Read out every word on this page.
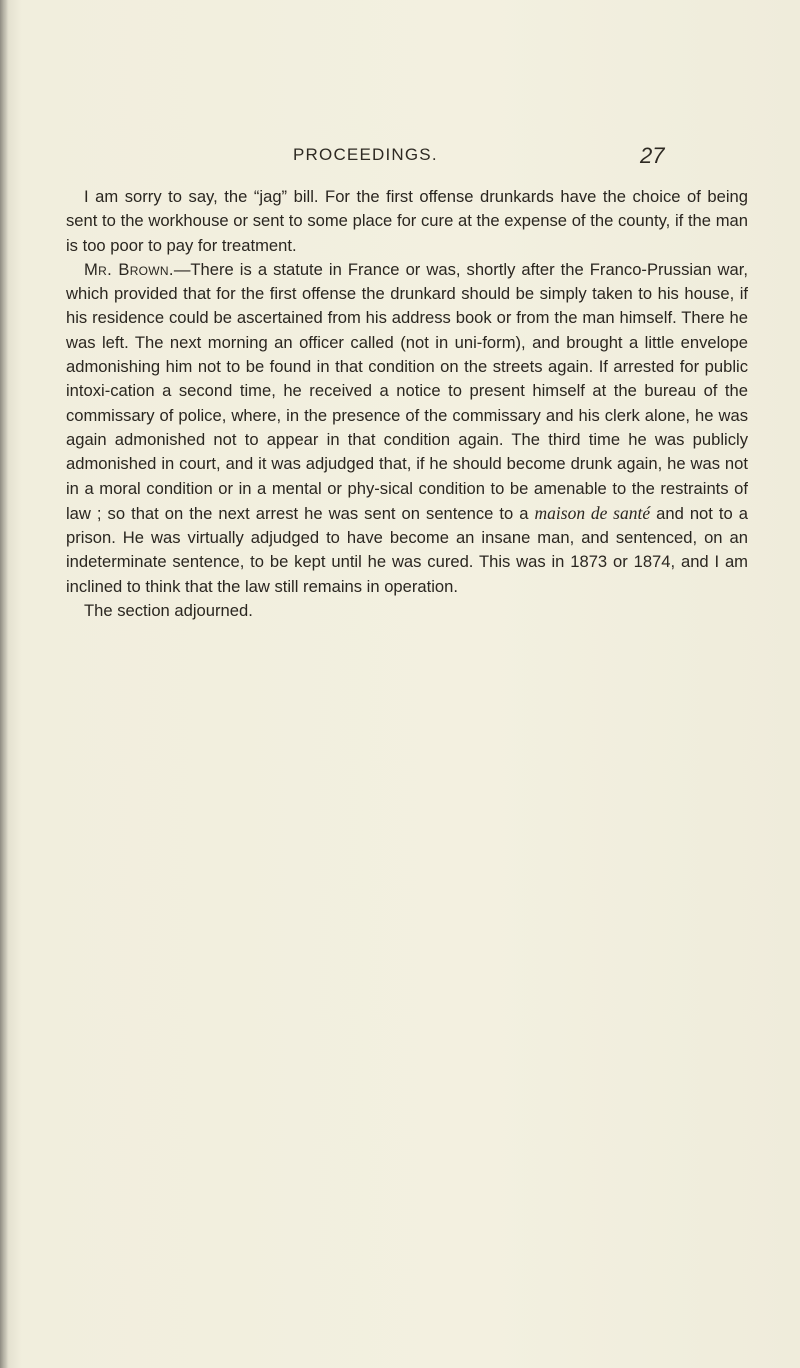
PROCEEDINGS.	27

I am sorry to say, the “jag” bill. For the first offense drunkards have the choice of being sent to the workhouse or sent to some place for cure at the expense of the county, if the man is too poor to pay for treatment.

Mr. Brown.—There is a statute in France or was, shortly after the Franco-Prussian war, which provided that for the first offense the drunkard should be simply taken to his house, if his residence could be ascertained from his address book or from the man himself. There he was left. The next morning an officer called (not in uni-form), and brought a little envelope admonishing him not to be found in that condition on the streets again. If arrested for public intoxi-cation a second time, he received a notice to present himself at the bureau of the commissary of police, where, in the presence of the commissary and his clerk alone, he was again admonished not to appear in that condition again. The third time he was publicly admonished in court, and it was adjudged that, if he should become drunk again, he was not in a moral condition or in a mental or phy-sical condition to be amenable to the restraints of law ; so that on the next arrest he was sent on sentence to a maison de santé and not to a prison. He was virtually adjudged to have become an insane man, and sentenced, on an indeterminate sentence, to be kept until he was cured. This was in 1873 or 1874, and I am inclined to think that the law still remains in operation.

The section adjourned.
